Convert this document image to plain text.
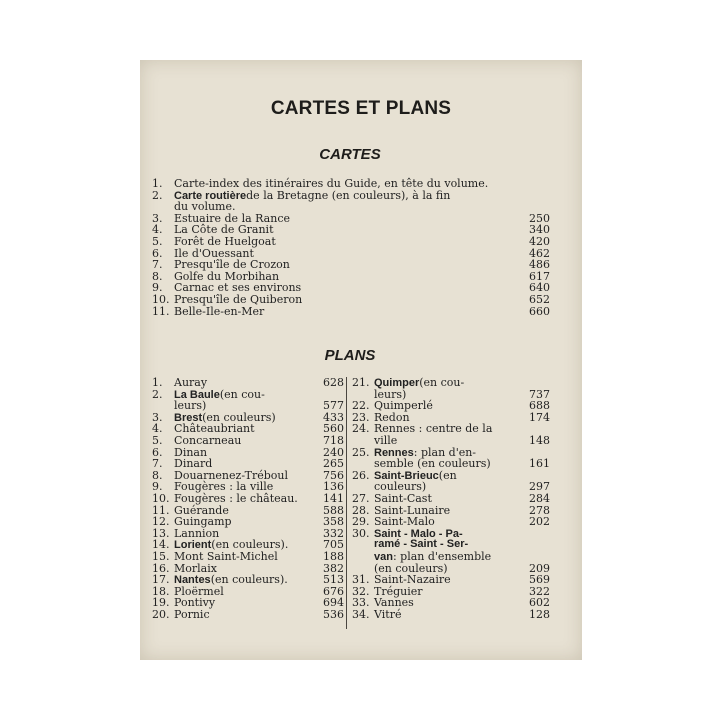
CARTES ET PLANS
CARTES
1.	Carte-index des itinéraires du Guide, en tête du volume.
2.	Carte routière de la Bretagne (en couleurs), à la fin
du volume.
3.	Estuaire de la Rance	250
4.	La Côte de Granit	340
5.	Forêt de Huelgoat	420
6.	Ile d'Ouessant	462
7.	Presqu'île de Crozon	486
8.	Golfe du Morbihan	617
9.	Carnac et ses environs	640
10. Presqu'île de Quiberon	652
11. Belle-Ile-en-Mer	660
PLANS
1.	Auray	628
2.	La Baule (en cou-
leurs)	577
3.	Brest (en couleurs)	433
4.	Châteaubriant	560
5.	Concarneau	718
6.	Dinan	240
7.	Dinard	265
8.	Douarnenez-Tréboul	756
9.	Fougères : la ville	136
10. Fougères : le château. 141
11. Guérande	588
12. Guingamp	358
13. Lannion	332
14. Lorient (en couleurs).	705
15. Mont Saint-Michel	188
16. Morlaix	382
17. Nantes (en couleurs).	513
18. Ploërmel	676
19. Pontivy	694
20. Pornic	536
21. Quimper (en cou-
leurs)	737
22. Quimperlé	688
23. Redon	174
24. Rennes : centre de la
ville	148
25. Rennes : plan d'en-
semble (en couleurs)	161
26. Saint-Brieuc (en
couleurs)	297
27. Saint-Cast	284
28. Saint-Lunaire	278
29. Saint-Malo	202
30. Saint - Malo - Pa-
ramé - Saint - Ser-
van : plan d'ensemble
(en couleurs)	209
31. Saint-Nazaire	569
32. Tréguier	322
33. Vannes	602
34. Vitré	128
